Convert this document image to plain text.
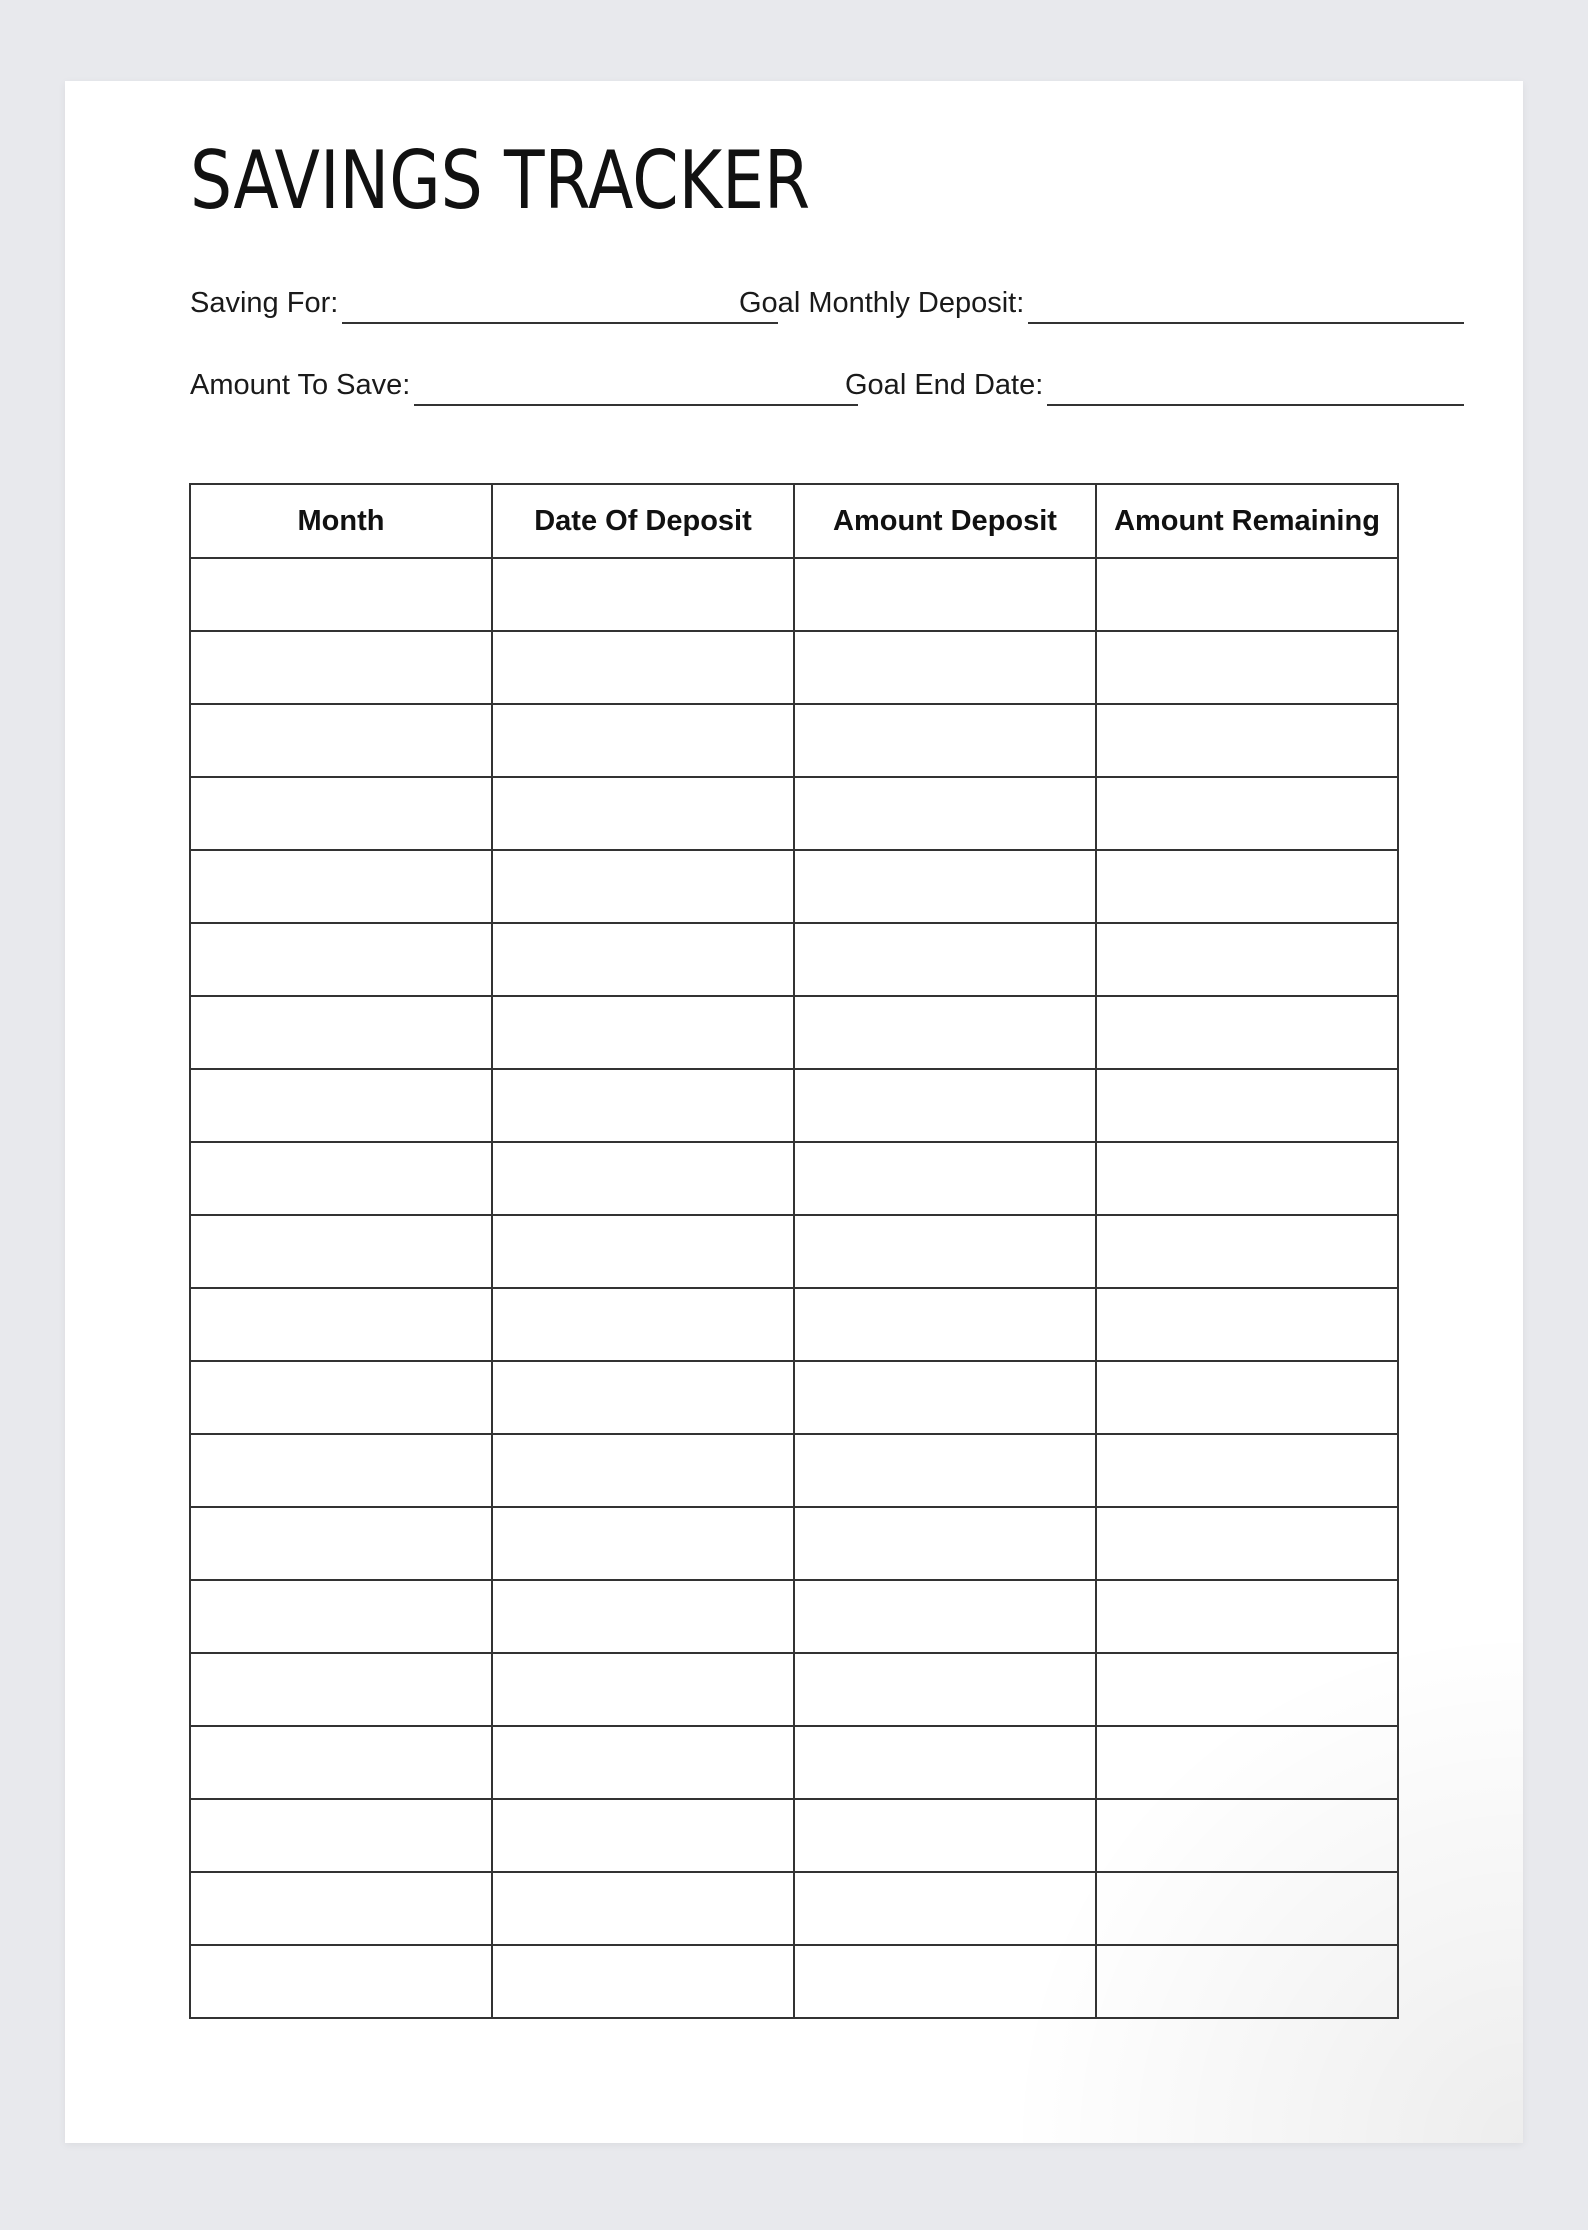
SAVINGS TRACKER
Saving For:	Goal Monthly Deposit:
Amount To Save:	Goal End Date:
Month	Date Of Deposit	Amount Deposit	Amount Remaining
